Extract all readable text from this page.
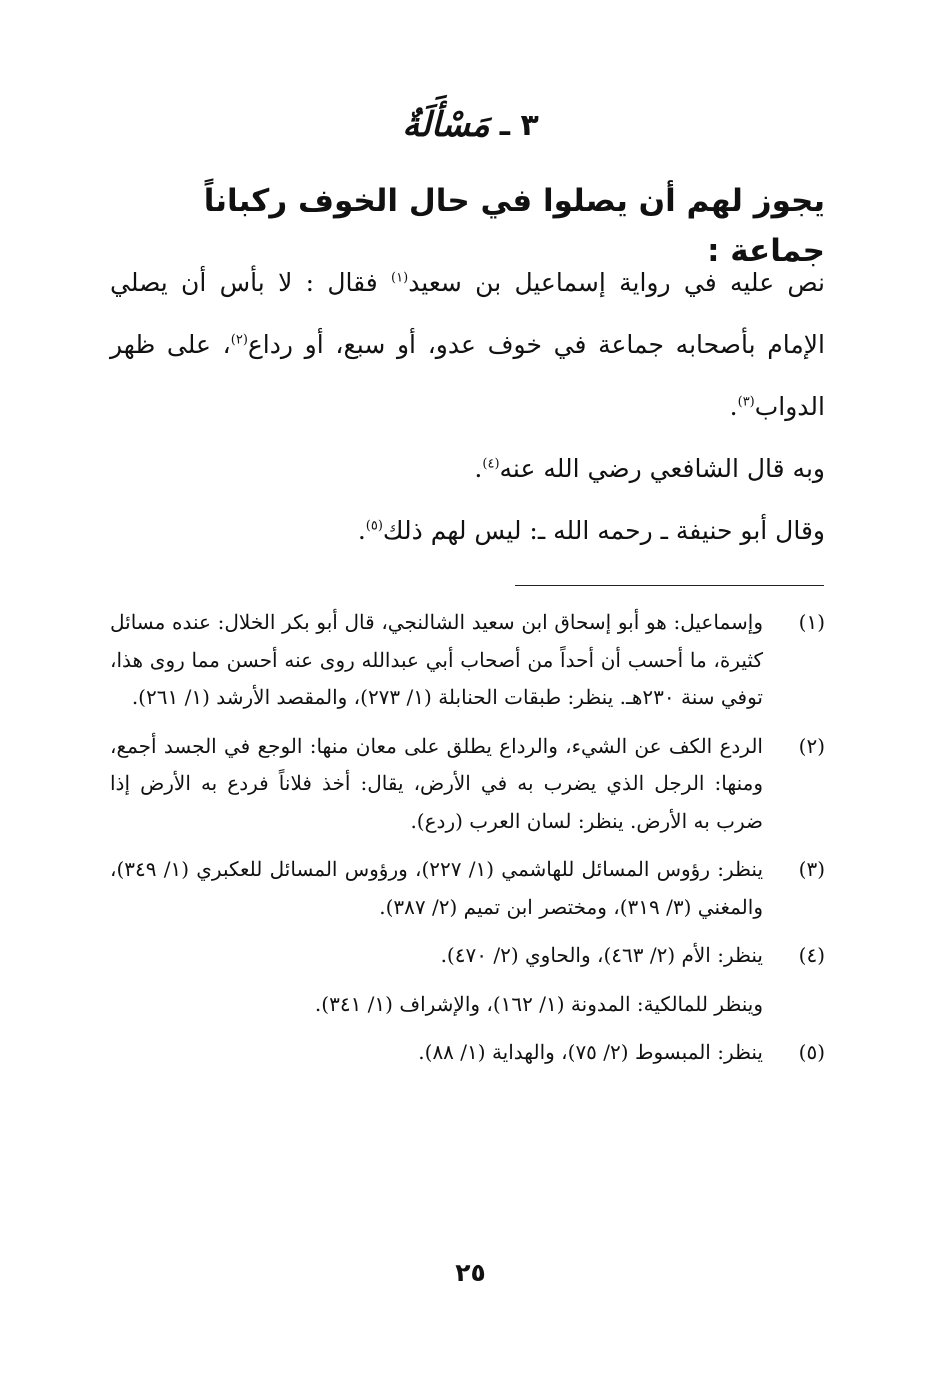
٣ ـ
مَسْأَلَةٌ
يجوز لهم أن يصلوا في حال الخوف ركباناً جماعة :

نص عليه في رواية إسماعيل بن سعيد$^{(١)}$ فقال : لا بأس أن يصلي الإمام بأصحابه جماعة في خوف عدو، أو سبع، أو رداع$^{(٢)}$، على ظهر الدواب$^{(٣)}$.

وبه قال الشافعي رضي الله عنه$^{(٤)}$.

وقال أبو حنيفة ـ رحمه الله ـ: ليس لهم ذلك$^{(٥)}$.

(١)
وإسماعيل: هو أبو إسحاق ابن سعيد الشالنجي، قال أبو بكر الخلال: عنده مسائل كثيرة، ما أحسب أن أحداً من أصحاب أبي عبدالله روى عنه أحسن مما روى هذا، توفي سنة ٢٣٠هـ. ينظر: طبقات الحنابلة (١/ ٢٧٣)، والمقصد الأرشد (١/ ٢٦١).
(٢)
الردع الكف عن الشيء، والرداع يطلق على معان منها: الوجع في الجسد أجمع، ومنها: الرجل الذي يضرب به في الأرض، يقال: أخذ فلاناً فردع به الأرض إذا ضرب به الأرض. ينظر: لسان العرب (ردع).
(٣)
ينظر: رؤوس المسائل للهاشمي (١/ ٢٢٧)، ورؤوس المسائل للعكبري (١/ ٣٤٩)، والمغني (٣/ ٣١٩)، ومختصر ابن تميم (٢/ ٣٨٧).
(٤)
ينظر: الأم (٢/ ٤٦٣)، والحاوي (٢/ ٤٧٠).
وينظر للمالكية: المدونة (١/ ١٦٢)، والإشراف (١/ ٣٤١).
(٥)
ينظر: المبسوط (٢/ ٧٥)، والهداية (١/ ٨٨).
٢٥
